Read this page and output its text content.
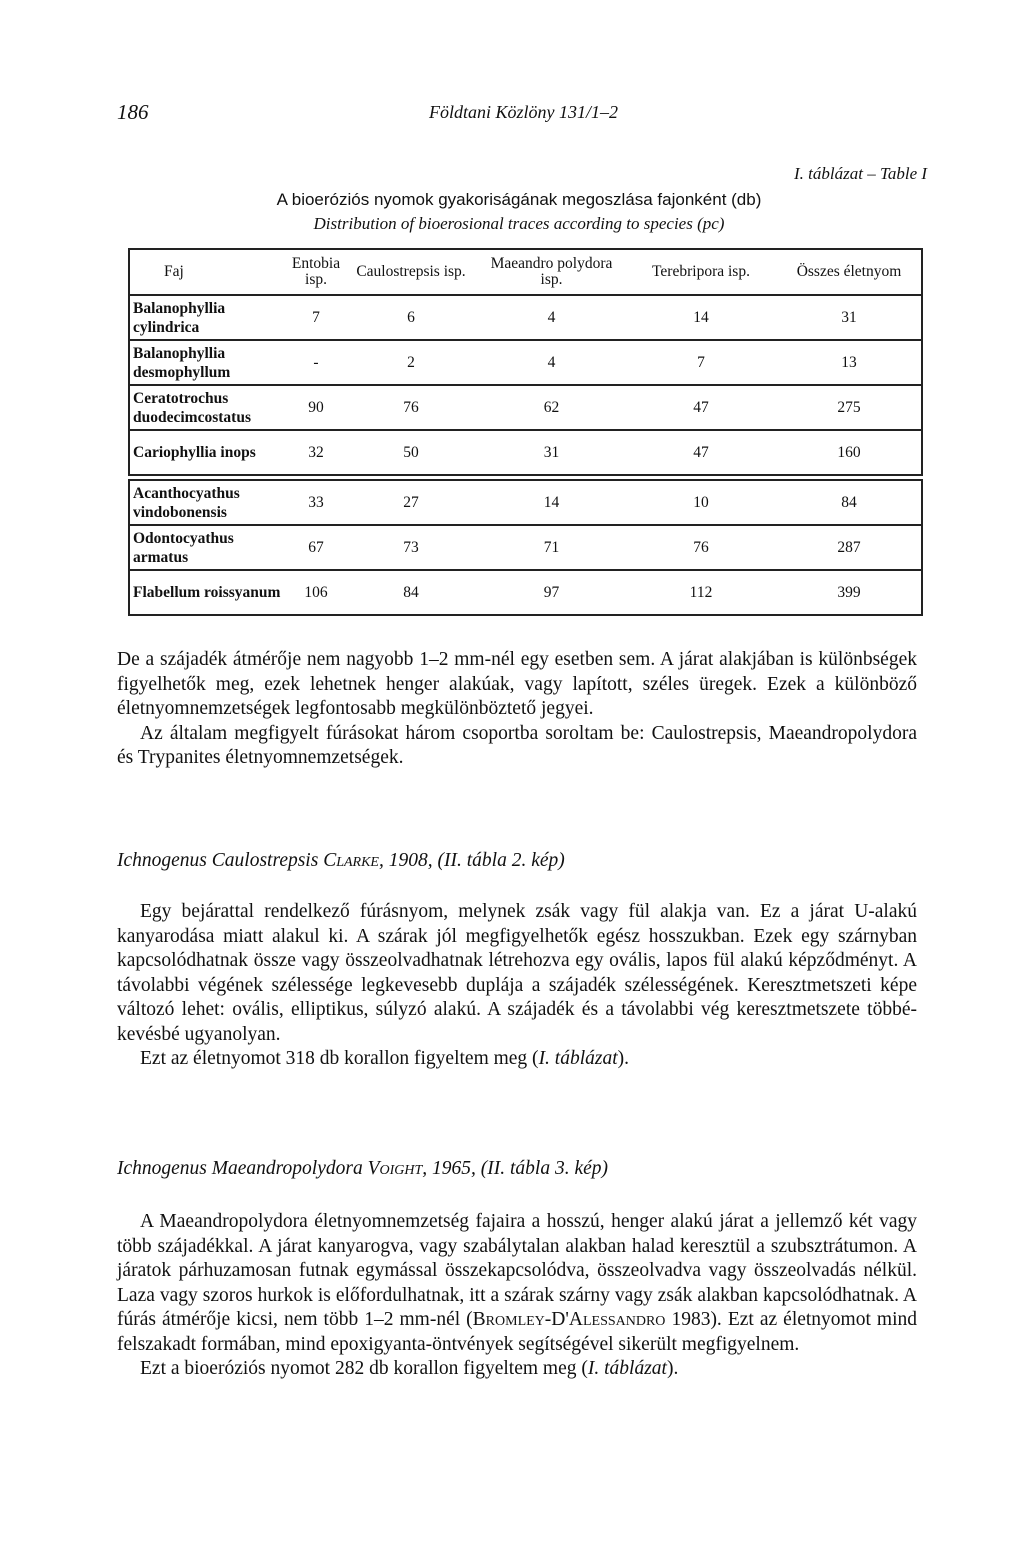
186	Földtani Közlöny 131/1–2
I. táblázat – Table I
A bioeróziós nyomok gyakoriságának megoszlása fajonként (db)
Distribution of bioerosional traces according to species (pc)
Faj	Entobia isp.	Caulostrepsis isp.	Maeandro polydora isp.	Terebripora isp.	Összes életnyom
Balanophyllia cylindrica	7	6	4	14	31
Balanophyllia desmophyllum	-	2	4	7	13
Ceratotrochus duodecimcostatus	90	76	62	47	275
Cariophyllia inops	32	50	31	47	160

Acanthocyathus vindobonensis	33	27	14	10	84
Odontocyathus armatus	67	73	71	76	287
Flabellum roissyanum	106	84	97	112	399

De a szájadék átmérője nem nagyobb 1–2 mm-nél egy esetben sem. A járat alakjában is különbségek figyelhetők meg, ezek lehetnek henger alakúak, vagy lapított, széles üregek. Ezek a különböző életnyomnemzetségek legfontosabb megkülönböztető jegyei.

Az általam megfigyelt fúrásokat három csoportba soroltam be: Caulostrepsis, Maeandropolydora és Trypanites életnyomnemzetségek.

Ichnogenus Caulostrepsis Clarke, 1908, (II. tábla 2. kép)

Egy bejárattal rendelkező fúrásnyom, melynek zsák vagy fül alakja van. Ez a járat U-alakú kanyarodása miatt alakul ki. A szárak jól megfigyelhetők egész hosszukban. Ezek egy szárnyban kapcsolódhatnak össze vagy összeolvadhatnak létrehozva egy ovális, lapos fül alakú képződményt. A távolabbi végének szélessége legkevesebb duplája a szájadék szélességének. Keresztmetszeti képe változó lehet: ovális, elliptikus, súlyzó alakú. A szájadék és a távolabbi vég keresztmetszete többé-kevésbé ugyanolyan.

Ezt az életnyomot 318 db korallon figyeltem meg (I. táblázat).

Ichnogenus Maeandropolydora Voight, 1965, (II. tábla 3. kép)

A Maeandropolydora életnyomnemzetség fajaira a hosszú, henger alakú járat a jellemző két vagy több szájadékkal. A járat kanyarogva, vagy szabálytalan alakban halad keresztül a szubsztrátumon. A járatok párhuzamosan futnak egymással összekapcsolódva, összeolvadva vagy összeolvadás nélkül. Laza vagy szoros hurkok is előfordulhatnak, itt a szárak szárny vagy zsák alakban kapcsolódhatnak. A fúrás átmérője kicsi, nem több 1–2 mm-nél (Bromley-D'Alessandro 1983). Ezt az életnyomot mind felszakadt formában, mind epoxigyanta-öntvények segítségével sikerült megfigyelnem.

Ezt a bioeróziós nyomot 282 db korallon figyeltem meg (I. táblázat).
